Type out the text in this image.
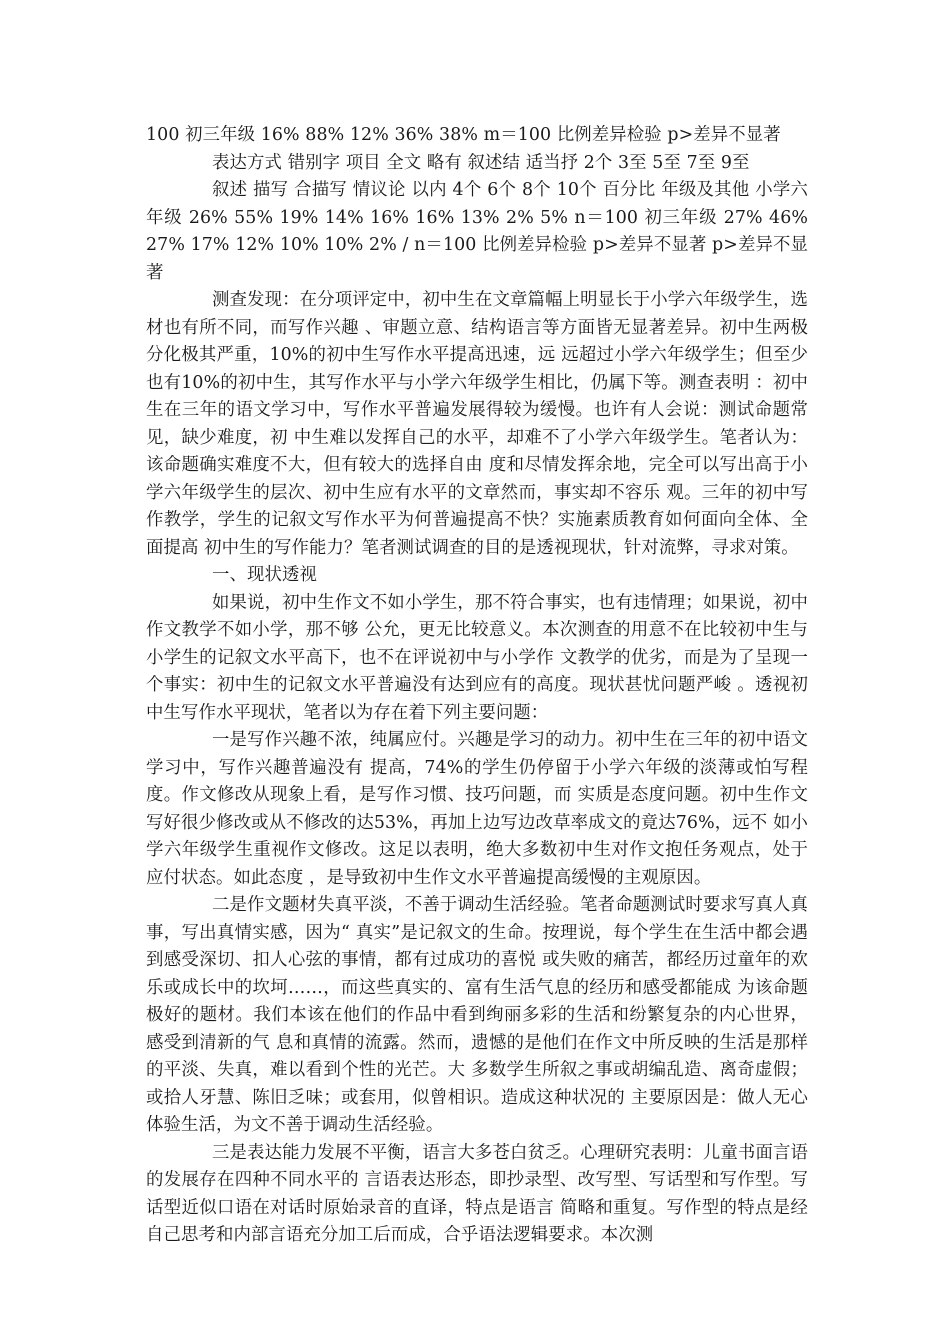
100 初三年级 16% 88% 12% 36% 38% m＝100 比例差异检验 p>差异不显著

表达方式 错别字 项目 全文 略有 叙述结 适当抒 2个 3至 5至 7至 9至

叙述 描写 合描写 情议论 以内 4个 6个 8个 10个 百分比 年级及其他 小学六年级 26% 55% 19% 14% 16% 16% 13% 2% 5% n＝100 初三年级 27% 46% 27% 17% 12% 10% 10% 2% / n＝100 比例差异检验 p>差异不显著 p>差异不显著

测查发现：在分项评定中，初中生在文章篇幅上明显长于小学六年级学生，选材也有所不同，而写作兴趣 、审题立意、结构语言等方面皆无显著差异。初中生两极分化极其严重，10%的初中生写作水平提高迅速，远 远超过小学六年级学生；但至少也有10%的初中生，其写作水平与小学六年级学生相比，仍属下等。测查表明 ：初中生在三年的语文学习中，写作水平普遍发展得较为缓慢。也许有人会说：测试命题常见，缺少难度，初 中生难以发挥自己的水平，却难不了小学六年级学生。笔者认为：该命题确实难度不大，但有较大的选择自由 度和尽情发挥余地，完全可以写出高于小学六年级学生的层次、初中生应有水平的文章然而，事实却不容乐 观。三年的初中写作教学，学生的记叙文写作水平为何普遍提高不快？实施素质教育如何面向全体、全面提高 初中生的写作能力？笔者测试调查的目的是透视现状，针对流弊，寻求对策。

一、现状透视

如果说，初中生作文不如小学生，那不符合事实，也有违情理；如果说，初中作文教学不如小学，那不够 公允，更无比较意义。本次测查的用意不在比较初中生与小学生的记叙文水平高下，也不在评说初中与小学作 文教学的优劣，而是为了呈现一个事实：初中生的记叙文水平普遍没有达到应有的高度。现状甚忧问题严峻 。透视初中生写作水平现状，笔者以为存在着下列主要问题：

一是写作兴趣不浓，纯属应付。兴趣是学习的动力。初中生在三年的初中语文学习中，写作兴趣普遍没有 提高，74%的学生仍停留于小学六年级的淡薄或怕写程度。作文修改从现象上看，是写作习惯、技巧问题，而 实质是态度问题。初中生作文写好很少修改或从不修改的达53%，再加上边写边改草率成文的竟达76%，远不 如小学六年级学生重视作文修改。这足以表明，绝大多数初中生对作文抱任务观点，处于应付状态。如此态度 ，是导致初中生作文水平普遍提高缓慢的主观原因。

二是作文题材失真平淡，不善于调动生活经验。笔者命题测试时要求写真人真事，写出真情实感，因为“ 真实”是记叙文的生命。按理说，每个学生在生活中都会遇到感受深切、扣人心弦的事情，都有过成功的喜悦 或失败的痛苦，都经历过童年的欢乐或成长中的坎坷……，而这些真实的、富有生活气息的经历和感受都能成 为该命题极好的题材。我们本该在他们的作品中看到绚丽多彩的生活和纷繁复杂的内心世界，感受到清新的气 息和真情的流露。然而，遗憾的是他们在作文中所反映的生活是那样的平淡、失真，难以看到个性的光芒。大 多数学生所叙之事或胡编乱造、离奇虚假；或拾人牙慧、陈旧乏味；或套用，似曾相识。造成这种状况的 主要原因是：做人无心体验生活，为文不善于调动生活经验。

三是表达能力发展不平衡，语言大多苍白贫乏。心理研究表明：儿童书面言语的发展存在四种不同水平的 言语表达形态，即抄录型、改写型、写话型和写作型。写话型近似口语在对话时原始录音的直译，特点是语言 简略和重复。写作型的特点是经自己思考和内部言语充分加工后而成，合乎语法逻辑要求。本次测
